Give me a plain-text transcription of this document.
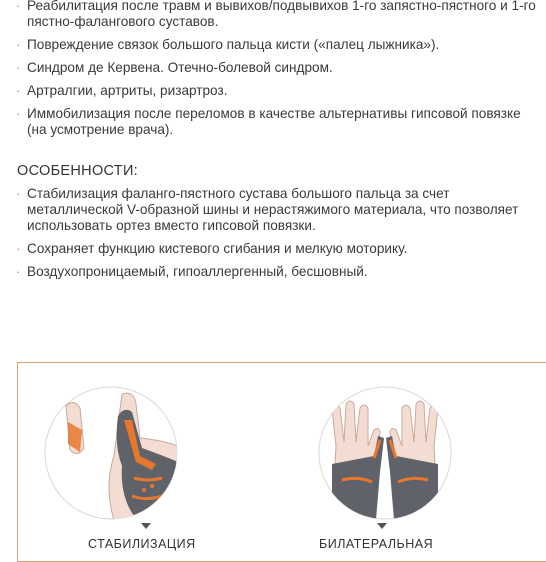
· Реабилитация после травм и вывихов/подвывихов 1-го запястно-пястного и 1-го пястно-фалангового суставов.
· Повреждение связок большого пальца кисти («палец лыжника»).
· Синдром де Кервена. Отечно-болевой синдром.
· Артралгии, артриты, ризартроз.
· Иммобилизация после переломов в качестве альтернативы гипсовой повязке (на усмотрение врача).
ОСОБЕННОСТИ:
· Стабилизация фаланго-пястного сустава большого пальца за счет металлической V-образной шины и нерастяжимого материала, что позволяет использовать ортез вместо гипсовой повязки.
· Сохраняет функцию кистевого сгибания и мелкую моторику.
· Воздухопроницаемый, гипоаллергенный, бесшовный.
СТАБИЛИЗАЦИЯ	БИЛАТЕРАЛЬНАЯ
